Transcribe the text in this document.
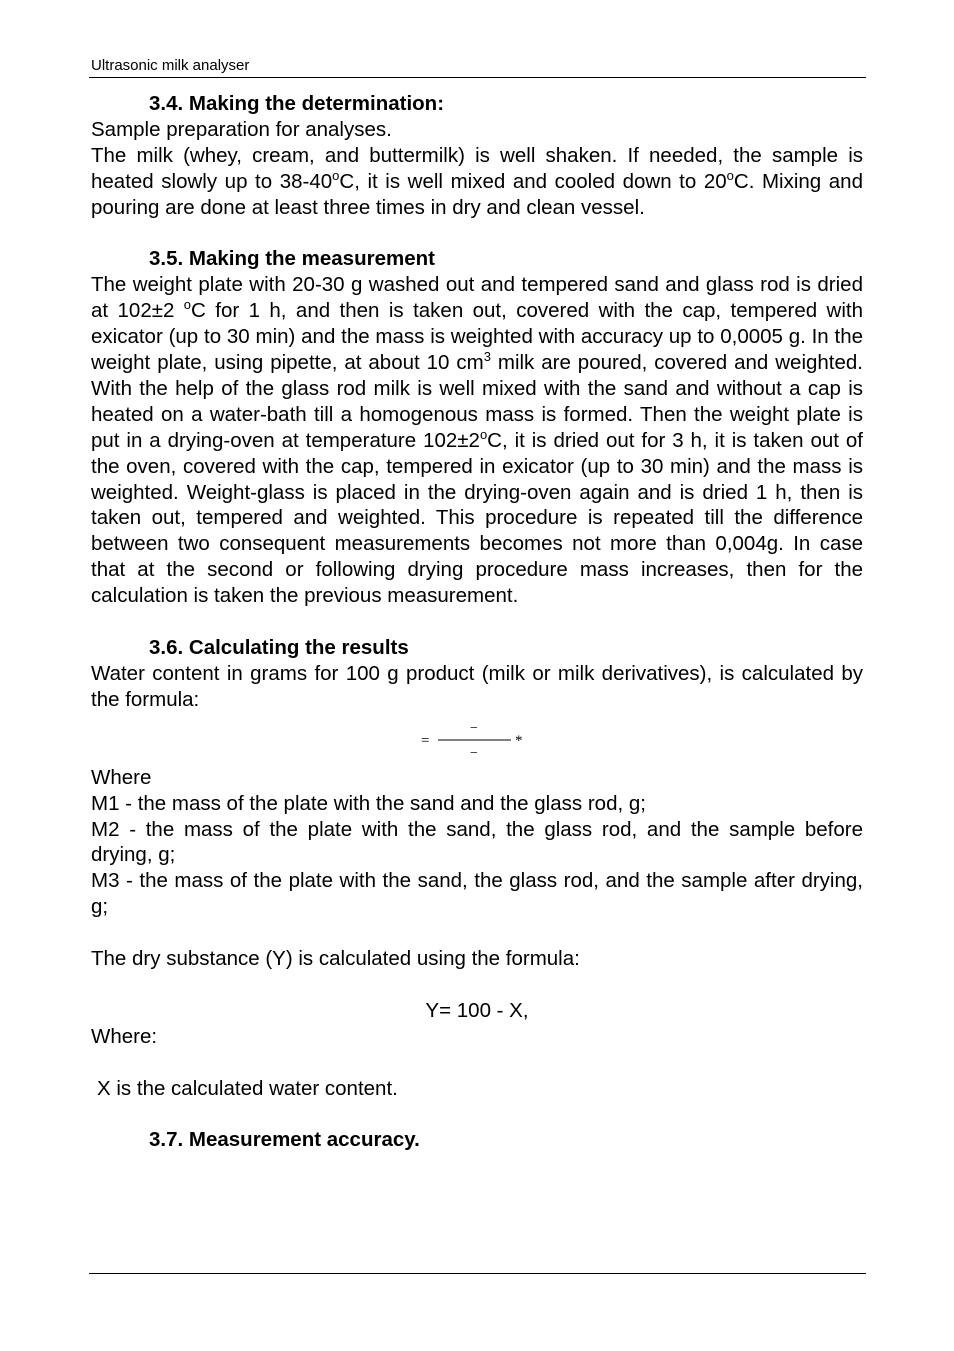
Ultrasonic milk analyser

3.4. Making the determination:

Sample preparation for analyses.

The milk (whey, cream, and buttermilk) is well shaken. If needed, the sample is heated slowly up to 38-40$^o$C, it is well mixed and cooled down to 20$^o$C. Mixing and pouring are done at least three times in dry and clean vessel.

3.5. Making the measurement

The weight plate with 20-30 g washed out and tempered sand and glass rod is dried at 102±2 $^o$C for 1 h, and then is taken out, covered with the cap, tempered with exicator (up to 30 min) and the mass is weighted with accuracy up to 0,0005 g. In the weight plate, using pipette, at about 10 $cm^3$ milk are poured, covered and weighted. With the help of the glass rod milk is well mixed with the sand and without a cap is heated on a water-bath till a homogenous mass is formed. Then the weight plate is put in a drying-oven at temperature $102\pm 2^oC$, it is dried out for 3 h, it is taken out of the oven, covered with the cap, tempered in exicator (up to 30 min) and the mass is weighted. Weight-glass is placed in the drying-oven again and is dried 1 h, then is taken out, tempered and weighted. This procedure is repeated till the difference between two consequent measurements becomes not more than 0,004g. In case that at the second or following drying procedure mass increases, then for the calculation is taken the previous measurement.

3.6. Calculating the results

Water content in grams for 100 g product (milk or milk derivatives), is calculated by the formula:

=
−
−
*

Where

M1 - the mass of the plate with the sand and the glass rod, g;

M2 - the mass of the plate with the sand, the glass rod, and the sample before drying, g;

M3 - the mass of the plate with the sand, the glass rod, and the sample after drying, g;

The dry substance (Y) is calculated using the formula:

Y= 100 - X,

Where:

X is the calculated water content.

3.7. Measurement accuracy.
